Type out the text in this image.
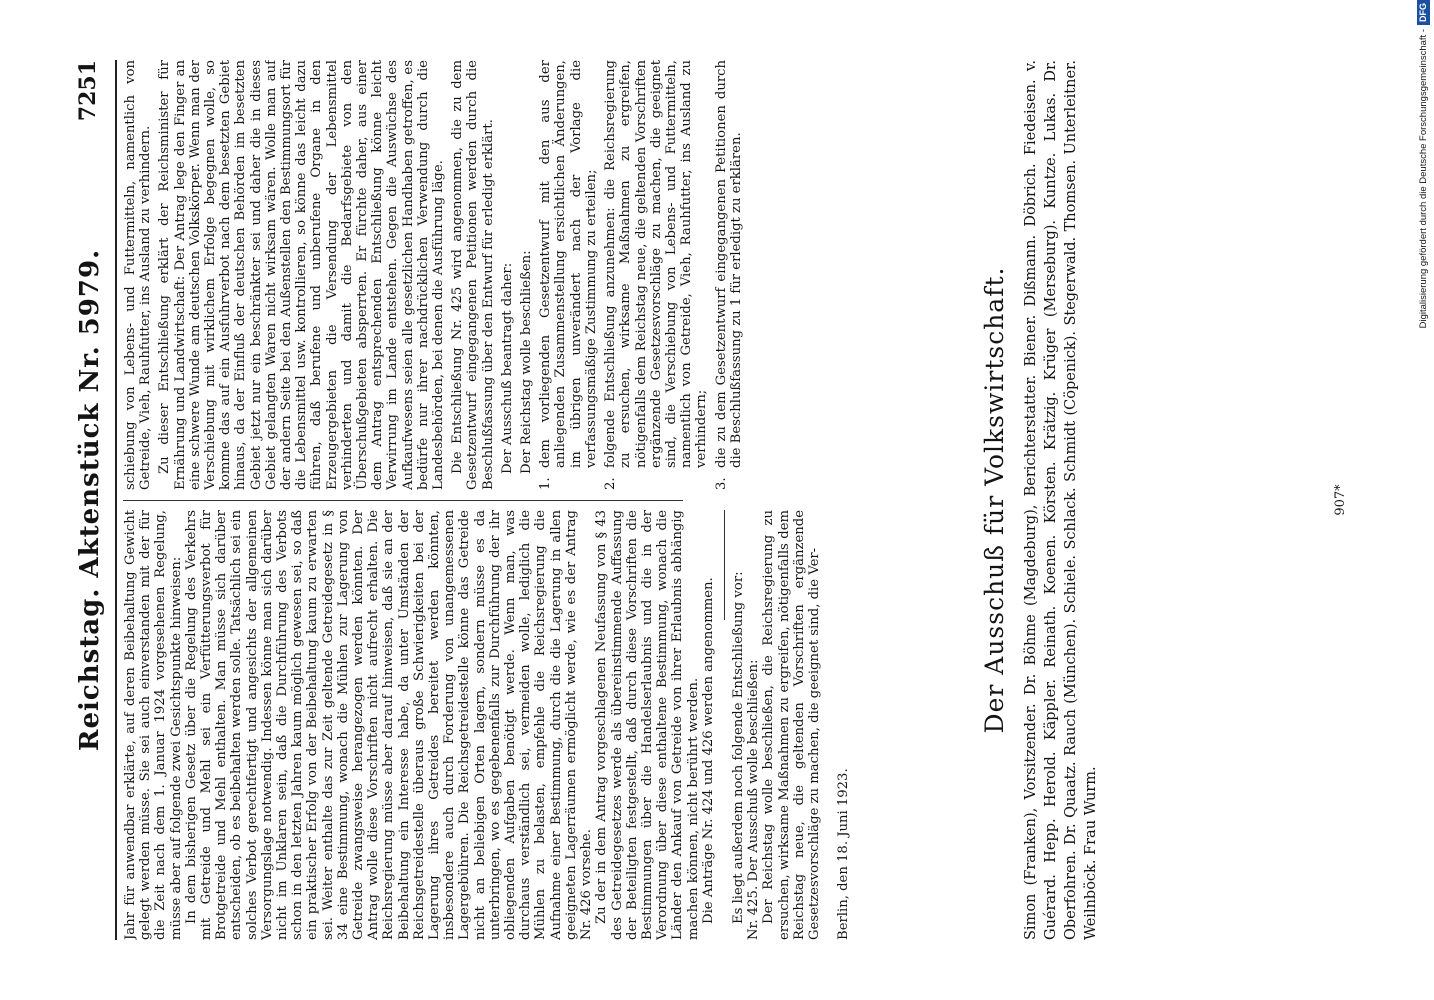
Reichstag. Aktenstück Nr. 5979.
7251

Jahr für anwendbar erklärte, auf deren Beibehaltung Gewicht gelegt werden müsse. Sie sei auch einverstanden mit der für die Zeit nach dem 1. Januar 1924 vorgesehenen Regelung, müsse aber auf folgende zwei Gesichtspunkte hinweisen: In dem bisherigen Gesetz über die Regelung des Verkehrs mit Getreide und Mehl sei ein Verfütterungsverbot für Brotgetreide und Mehl enthalten. Man müsse sich darüber entscheiden, ob es beibehalten werden solle. Tatsächlich sei ein solches Verbot gerechtfertigt und angesichts der allgemeinen Versorgungslage notwendig. Indessen könne man sich darüber nicht im Unklaren sein, daß die Durchführung des Verbots schon in den letzten Jahren kaum möglich gewesen sei, so daß ein praktischer Erfolg von der Beibehaltung kaum zu erwarten sei. Weiter enthalte das zur Zeit geltende Getreidegesetz in § 34 eine Bestimmung, wonach die Mühlen zur Lagerung von Getreide zwangsweise herangezogen werden könnten. Der Antrag wolle diese Vorschriften nicht aufrecht erhalten. Die Reichsregierung müsse aber darauf hinweisen, daß sie an der Beibehaltung ein Interesse habe, da unter Umständen der Reichsgetreidestelle überaus große Schwierigkeiten bei der Lagerung ihres Getreides bereitet werden könnten, insbesondere auch durch Forderung von unangemessenen Lagergebühren. Die Reichsgetreidestelle könne das Getreide nicht an beliebigen Orten lagern, sondern müsse es da unterbringen, wo es gegebenenfalls zur Durchführung der ihr obliegenden Aufgaben benötigt werde. Wenn man, was durchaus verständlich sei, vermeiden wolle, lediglich die Mühlen zu belasten, empfehle die Reichsregierung die Aufnahme einer Bestimmung, durch die die Lagerung in allen geeigneten Lagerräumen ermöglicht werde, wie es der Antrag Nr. 426 vorsehe. Zu der in dem Antrag vorgeschlagenen Neufassung von § 43 des Getreidegesetzes werde als übereinstimmende Auffassung der Beteiligten festgestellt, daß durch diese Vorschriften die Bestimmungen über die Handelserlaubnis und die in der Verordnung über diese enthaltene Bestimmung, wonach die Länder den Ankauf von Getreide von ihrer Erlaubnis abhängig machen können, nicht berührt werden. Die Anträge Nr. 424 und 426 werden angenommen. Es liegt außerdem noch folgende Entschließung vor: Nr. 425. Der Ausschuß wolle beschließen: Der Reichstag wolle beschließen, die Reichsregierung zu ersuchen, wirksame Maßnahmen zu ergreifen, nötigenfalls dem Reichstag neue, die geltenden Vorschriften ergänzende Gesetzesvorschläge zu machen, die geeignet sind, die Ver- Berlin, den 18. Juni 1923.

schiebung von Lebens- und Futtermitteln, namentlich von Getreide, Vieh, Rauhfutter, ins Ausland zu verhindern. Zu dieser Entschließung erklärt der Reichsminister für Ernährung und Landwirtschaft: Der Antrag lege den Finger an eine schwere Wunde am deutschen Volkskörper. Wenn man der Verschiebung mit wirklichem Erfolge begegnen wolle, so komme das auf ein Ausfuhrverbot nach dem besetzten Gebiet hinaus, da der Einfluß der deutschen Behörden im besetzten Gebiet jetzt nur ein beschränkter sei und daher die in dieses Gebiet gelangten Waren nicht wirksam wären. Wolle man auf der andern Seite bei den Außenstellen den Bestimmungsort für die Lebensmittel usw. kontrollieren, so könne das leicht dazu führen, daß berufene und unberufene Organe in den Erzeugergebieten die Versendung der Lebensmittel verhinderten und damit die Bedarfsgebiete von den Überschußgebieten absperrten. Er fürchte daher, aus einer dem Antrag entsprechenden Entschließung könne leicht Verwirrung im Lande entstehen. Gegen die Auswüchse des Aufkaufwesens seien alle gesetzlichen Handhaben getroffen, es bedürfe nur ihrer nachdrücklichen Verwendung durch die Landesbehörden, bei denen die Ausführung läge. Die Entschließung Nr. 425 wird angenommen, die zu dem Gesetzentwurf eingegangenen Petitionen werden durch die Beschlußfassung über den Entwurf für erledigt erklärt. Der Ausschuß beantragt daher: Der Reichstag wolle beschließen:

1.
dem vorliegenden Gesetzentwurf mit den aus der anliegenden Zusammenstellung ersichtlichen Änderungen, im übrigen unverändert nach der Vorlage die verfassungsmäßige Zustimmung zu erteilen;
2.
folgende Entschließung anzunehmen: die Reichsregierung zu ersuchen, wirksame Maßnahmen zu ergreifen, nötigenfalls dem Reichstag neue, die geltenden Vorschriften ergänzende Gesetzesvorschläge zu machen, die geeignet sind, die Verschiebung von Lebens- und Futtermitteln, namentlich von Getreide, Vieh, Rauhfutter, ins Ausland zu verhindern;
3.
die zu dem Gesetzentwurf eingegangenen Petitionen durch die Beschlußfassung zu 1 für erledigt zu erklären.	Der Ausschuß für Volkswirtschaft. Simon (Franken), Vorsitzender. Dr. Böhme (Magdeburg), Berichterstatter. Biener. Dißmann. Döbrich. Fiedeisen. v. Guérard. Hepp. Herold. Käppler. Reinath. Koenen. Körsten. Krätzig. Krüger (Merseburg). Kuntze. Lukas. Dr. Oberfohren. Dr. Quaatz. Rauch (München). Schiele. Schlack. Schmidt (Cöpenick). Stegerwald. Thomsen. Unterleitner. Weilnböck. Frau Wurm.
907*
Digitalisierung gefördert durch die Deutsche Forschungsgemeinschaft -DFG
